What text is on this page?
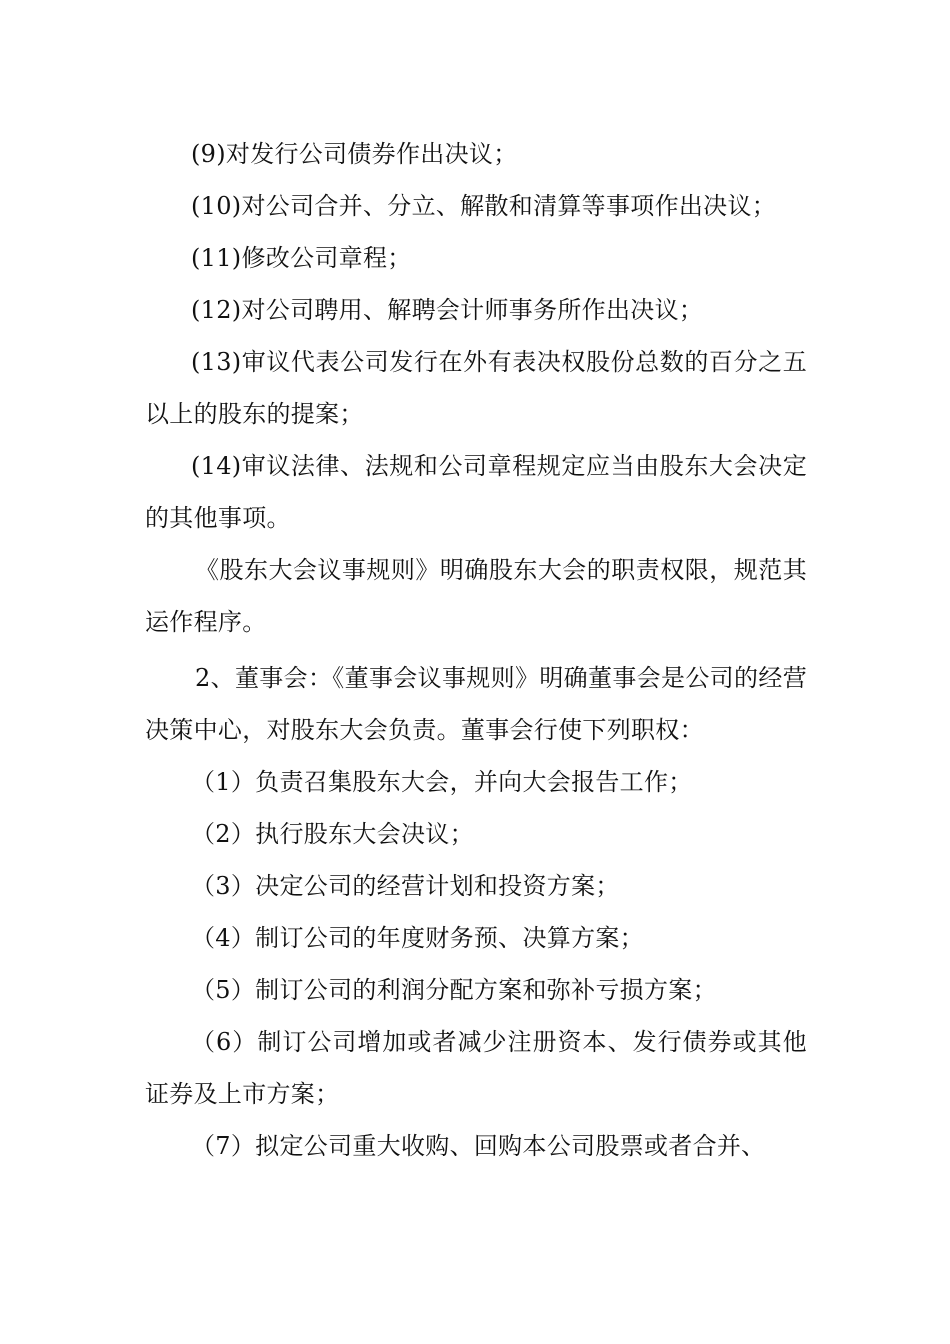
(9)对发行公司债券作出决议；

(10)对公司合并、分立、解散和清算等事项作出决议；

(11)修改公司章程；

(12)对公司聘用、解聘会计师事务所作出决议；

(13)审议代表公司发行在外有表决权股份总数的百分之五以上的股东的提案；

(14)审议法律、法规和公司章程规定应当由股东大会决定的其他事项。

《股东大会议事规则》明确股东大会的职责权限，规范其运作程序。

2、董事会：《董事会议事规则》明确董事会是公司的经营决策中心，对股东大会负责。董事会行使下列职权：

（1）负责召集股东大会，并向大会报告工作；

（2）执行股东大会决议；

（3）决定公司的经营计划和投资方案；

（4）制订公司的年度财务预、决算方案；

（5）制订公司的利润分配方案和弥补亏损方案；

（6）制订公司增加或者减少注册资本、发行债券或其他证券及上市方案；

（7）拟定公司重大收购、回购本公司股票或者合并、
